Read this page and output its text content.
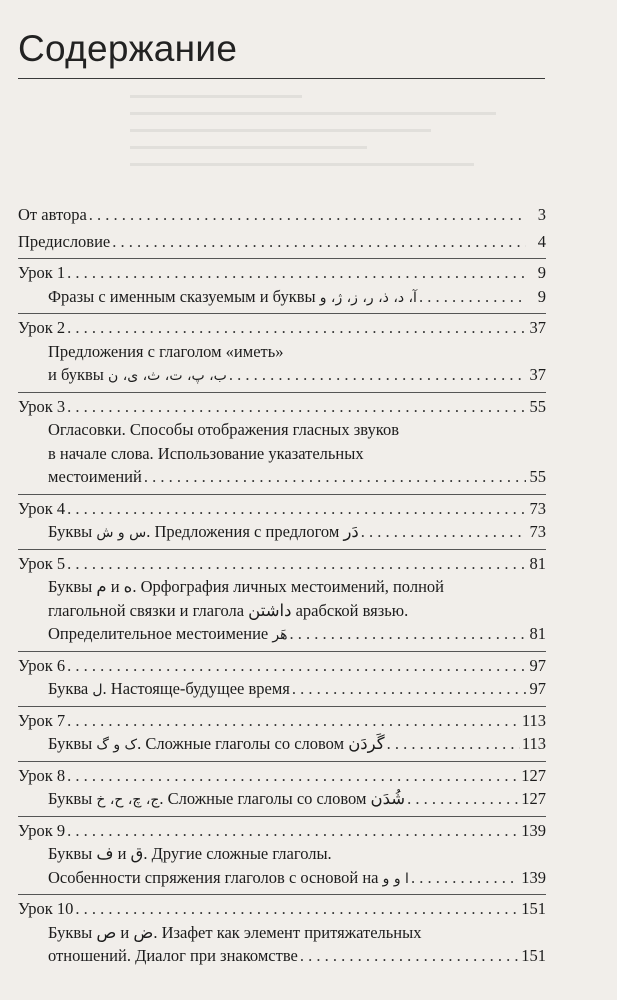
Содержание
От автора . . .	3
Предисловие . . .	4
Урок 1 . . .	9
Фразы с именным сказуемым и буквы آ، د، ذ، ر، ز، ژ، و . . .	9
Урок 2 . . .	37
Предложения с глаголом «иметь»
и буквы ب، پ، ت، ث، ی، ن . . .	37
Урок 3 . . .	55
Огласовки. Способы отображения гласных звуков
в начале слова. Использование указательных
местоимений . . .	55
Урок 4 . . .	73
Буквы س و ش. Предложения с предлогом دَر . . .	73
Урок 5 . . .	81
Буквы م и ه. Орфография личных местоимений, полной
глагольной связки и глагола داشتن арабской вязью.
Определительное местоимение هَر . . .	81
Урок 6 . . .	97
Буква ل. Настояще-будущее время . . .	97
Урок 7 . . .	113
Буквы ک و گ. Сложные глаголы со словом گَردَن . . .	113
Урок 8 . . .	127
Буквы ج، چ، ح، خ. Сложные глаголы со словом شُدَن . . .	127
Урок 9 . . .	139
Буквы ف и ق. Другие сложные глаголы.
Особенности спряжения глаголов с основой на ا و و . . .	139
Урок 10 . . .	151
Буквы ص и ض. Изафет как элемент притяжательных
отношений. Диалог при знакомстве . . .	151
